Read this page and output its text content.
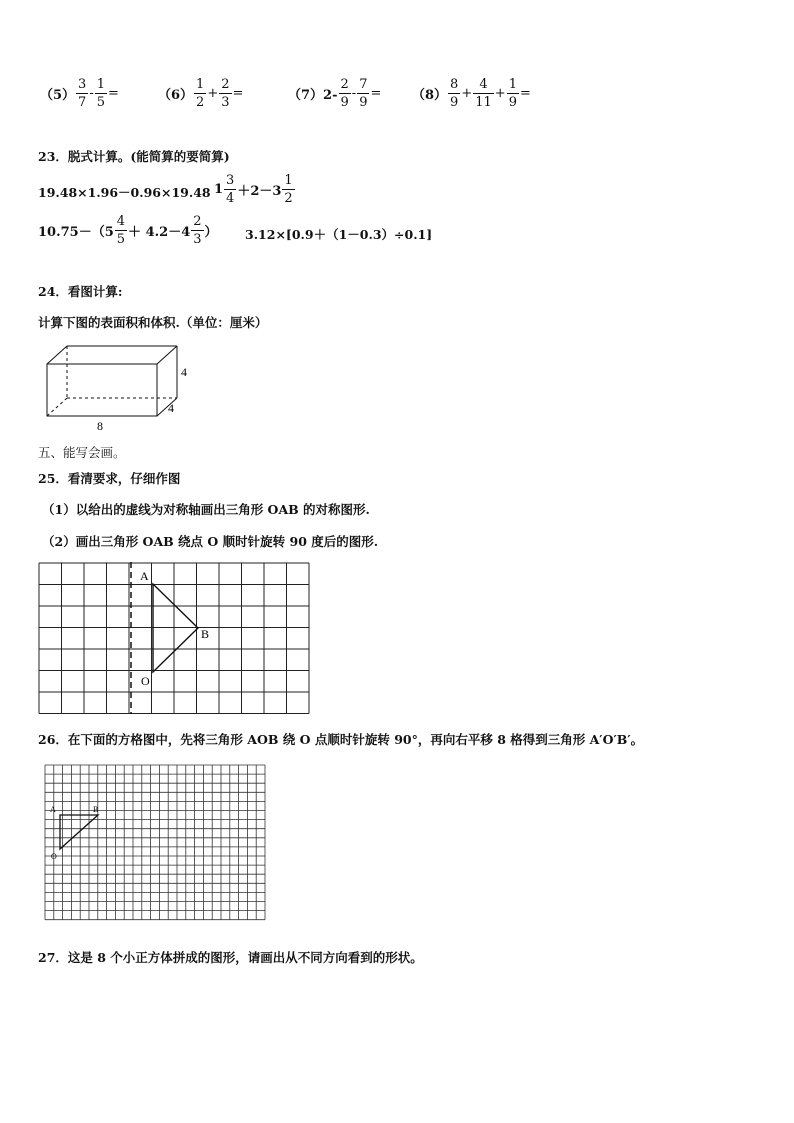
$(5) \frac{3}{7} - \frac{1}{5}$ =	$(6) \frac{1}{2} + \frac{2}{3}$ =	$(7)2- \frac{2}{9} - \frac{7}{9} = (8) \frac{8}{9} + \frac{4}{11} + \frac{1}{9}$ =
23．脱式计算。(能简算的要简算)
19.48×1.96－0.96×19.48 $1 \frac{3}{4} +2-3 \frac{1}{2}$
$10.75-(5 \frac{4}{5} + 4.2-4 \frac{2}{3}$ ） 3.12×[0.9＋（1－0.3）÷0.1]
24．看图计算:
计算下图的表面积和体积.（单位：厘米）
4
4
8
五、能写会画。
25．看清要求，仔细作图
（1）以给出的虚线为对称轴画出三角形 OAB 的对称图形.
（2）画出三角形 OAB 绕点 O 顺时针旋转 90 度后的图形.
A
B
O
26．在下面的方格图中，先将三角形 AOB 绕 O 点顺时针旋转 90°，再向右平移 8 格得到三角形 A′O′B′。
A	B
O
27．这是 8 个小正方体拼成的图形，请画出从不同方向看到的形状。
